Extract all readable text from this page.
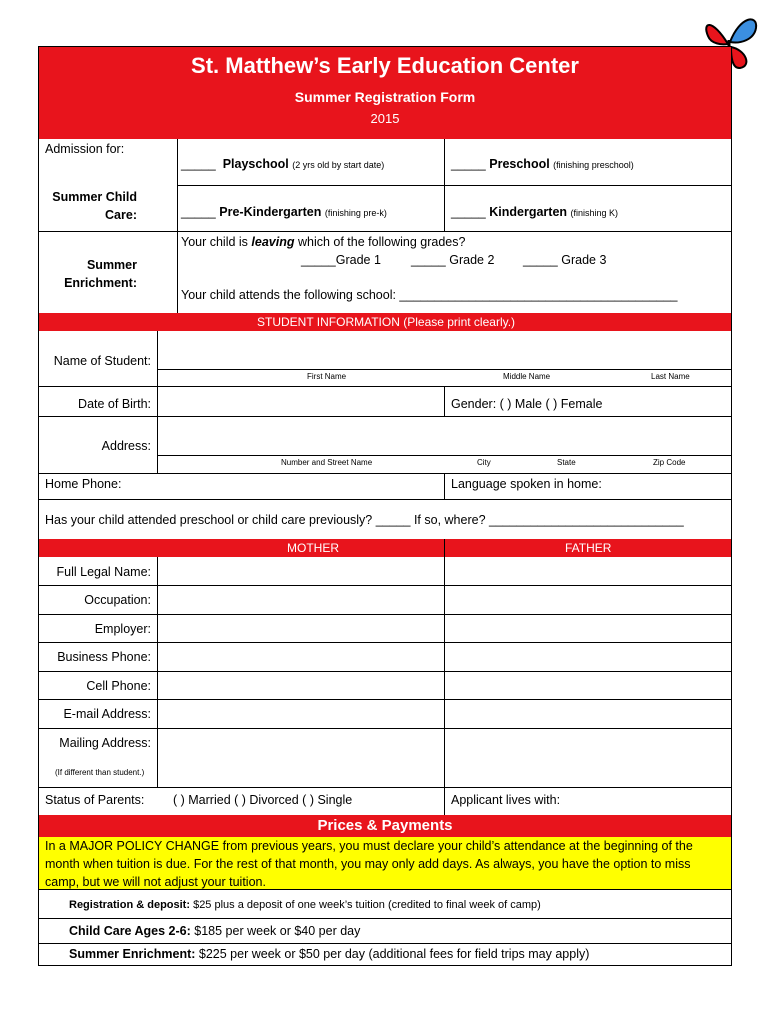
St. Matthew’s Early Education Center
Summer Registration Form
2015
Admission for:
Summer Child
Care:
Summer
Enrichment:
_____ Playschool (2 yrs old by start date)	_____ Preschool (finishing preschool)
_____ Pre-Kindergarten (finishing pre-k)	_____ Kindergarten (finishing K)
Your child is leaving which of the following grades?
_____Grade 1 _____ Grade 2 _____ Grade 3
Your child attends the following school: ________________________________________
STUDENT INFORMATION (Please print clearly.)
Name of Student:
First Name	Middle Name	Last Name
Date of Birth:	Gender: ( ) Male ( ) Female
Address:
Number and Street Name	City	State	Zip Code
Home Phone:	Language spoken in home:
Has your child attended preschool or child care previously? _____ If so, where? ____________________________
MOTHER	FATHER
Full Legal Name:
Occupation:
Employer:
Business Phone:
Cell Phone:
E-mail Address:
Mailing Address:
(If different than student.)
Status of Parents: ( ) Married ( ) Divorced ( ) Single	Applicant lives with:
Prices & Payments
In a MAJOR POLICY CHANGE from previous years, you must declare your child’s attendance at the beginning of the
month when tuition is due. For the rest of that month, you may only add days. As always, you have the option to miss
camp, but we will not adjust your tuition.
Registration & deposit: $25 plus a deposit of one week’s tuition (credited to final week of camp)
Child Care Ages 2-6: $185 per week or $40 per day
Summer Enrichment: $225 per week or $50 per day (additional fees for field trips may apply)
